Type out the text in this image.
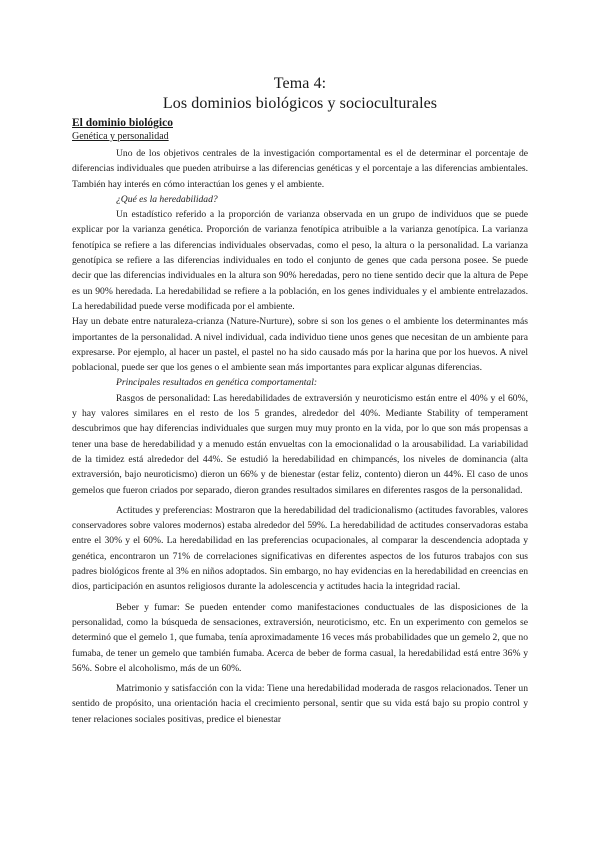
Tema 4:
Los dominios biológicos y socioculturales
El dominio biológico
Genética y personalidad

Uno de los objetivos centrales de la investigación comportamental es el de determinar el porcentaje de diferencias individuales que pueden atribuirse a las diferencias genéticas y el porcentaje a las diferencias ambientales. También hay interés en cómo interactúan los genes y el ambiente.

¿Qué es la heredabilidad?

Un estadístico referido a la proporción de varianza observada en un grupo de individuos que se puede explicar por la varianza genética. Proporción de varianza fenotípica atribuible a la varianza genotípica. La varianza fenotípica se refiere a las diferencias individuales observadas, como el peso, la altura o la personalidad. La varianza genotípica se refiere a las diferencias individuales en todo el conjunto de genes que cada persona posee. Se puede decir que las diferencias individuales en la altura son 90% heredadas, pero no tiene sentido decir que la altura de Pepe es un 90% heredada. La heredabilidad se refiere a la población, en los genes individuales y el ambiente entrelazados. La heredabilidad puede verse modificada por el ambiente.

Hay un debate entre naturaleza-crianza (Nature-Nurture), sobre si son los genes o el ambiente los determinantes más importantes de la personalidad. A nivel individual, cada individuo tiene unos genes que necesitan de un ambiente para expresarse. Por ejemplo, al hacer un pastel, el pastel no ha sido causado más por la harina que por los huevos. A nivel poblacional, puede ser que los genes o el ambiente sean más importantes para explicar algunas diferencias.

Principales resultados en genética comportamental:

Rasgos de personalidad: Las heredabilidades de extraversión y neuroticismo están entre el 40% y el 60%, y hay valores similares en el resto de los 5 grandes, alrededor del 40%. Mediante Stability of temperament descubrimos que hay diferencias individuales que surgen muy muy pronto en la vida, por lo que son más propensas a tener una base de heredabilidad y a menudo están envueltas con la emocionalidad o la arousabilidad. La variabilidad de la timidez está alrededor del 44%. Se estudió la heredabilidad en chimpancés, los niveles de dominancia (alta extraversión, bajo neuroticismo) dieron un 66% y de bienestar (estar feliz, contento) dieron un 44%. El caso de unos gemelos que fueron criados por separado, dieron grandes resultados similares en diferentes rasgos de la personalidad.

Actitudes y preferencias: Mostraron que la heredabilidad del tradicionalismo (actitudes favorables, valores conservadores sobre valores modernos) estaba alrededor del 59%. La heredabilidad de actitudes conservadoras estaba entre el 30% y el 60%. La heredabilidad en las preferencias ocupacionales, al comparar la descendencia adoptada y genética, encontraron un 71% de correlaciones significativas en diferentes aspectos de los futuros trabajos con sus padres biológicos frente al 3% en niños adoptados. Sin embargo, no hay evidencias en la heredabilidad en creencias en dios, participación en asuntos religiosos durante la adolescencia y actitudes hacia la integridad racial.

Beber y fumar: Se pueden entender como manifestaciones conductuales de las disposiciones de la personalidad, como la búsqueda de sensaciones, extraversión, neuroticismo, etc. En un experimento con gemelos se determinó que el gemelo 1, que fumaba, tenía aproximadamente 16 veces más probabilidades que un gemelo 2, que no fumaba, de tener un gemelo que también fumaba. Acerca de beber de forma casual, la heredabilidad está entre 36% y 56%. Sobre el alcoholismo, más de un 60%.

Matrimonio y satisfacción con la vida: Tiene una heredabilidad moderada de rasgos relacionados. Tener un sentido de propósito, una orientación hacia el crecimiento personal, sentir que su vida está bajo su propio control y tener relaciones sociales positivas, predice el bienestar
